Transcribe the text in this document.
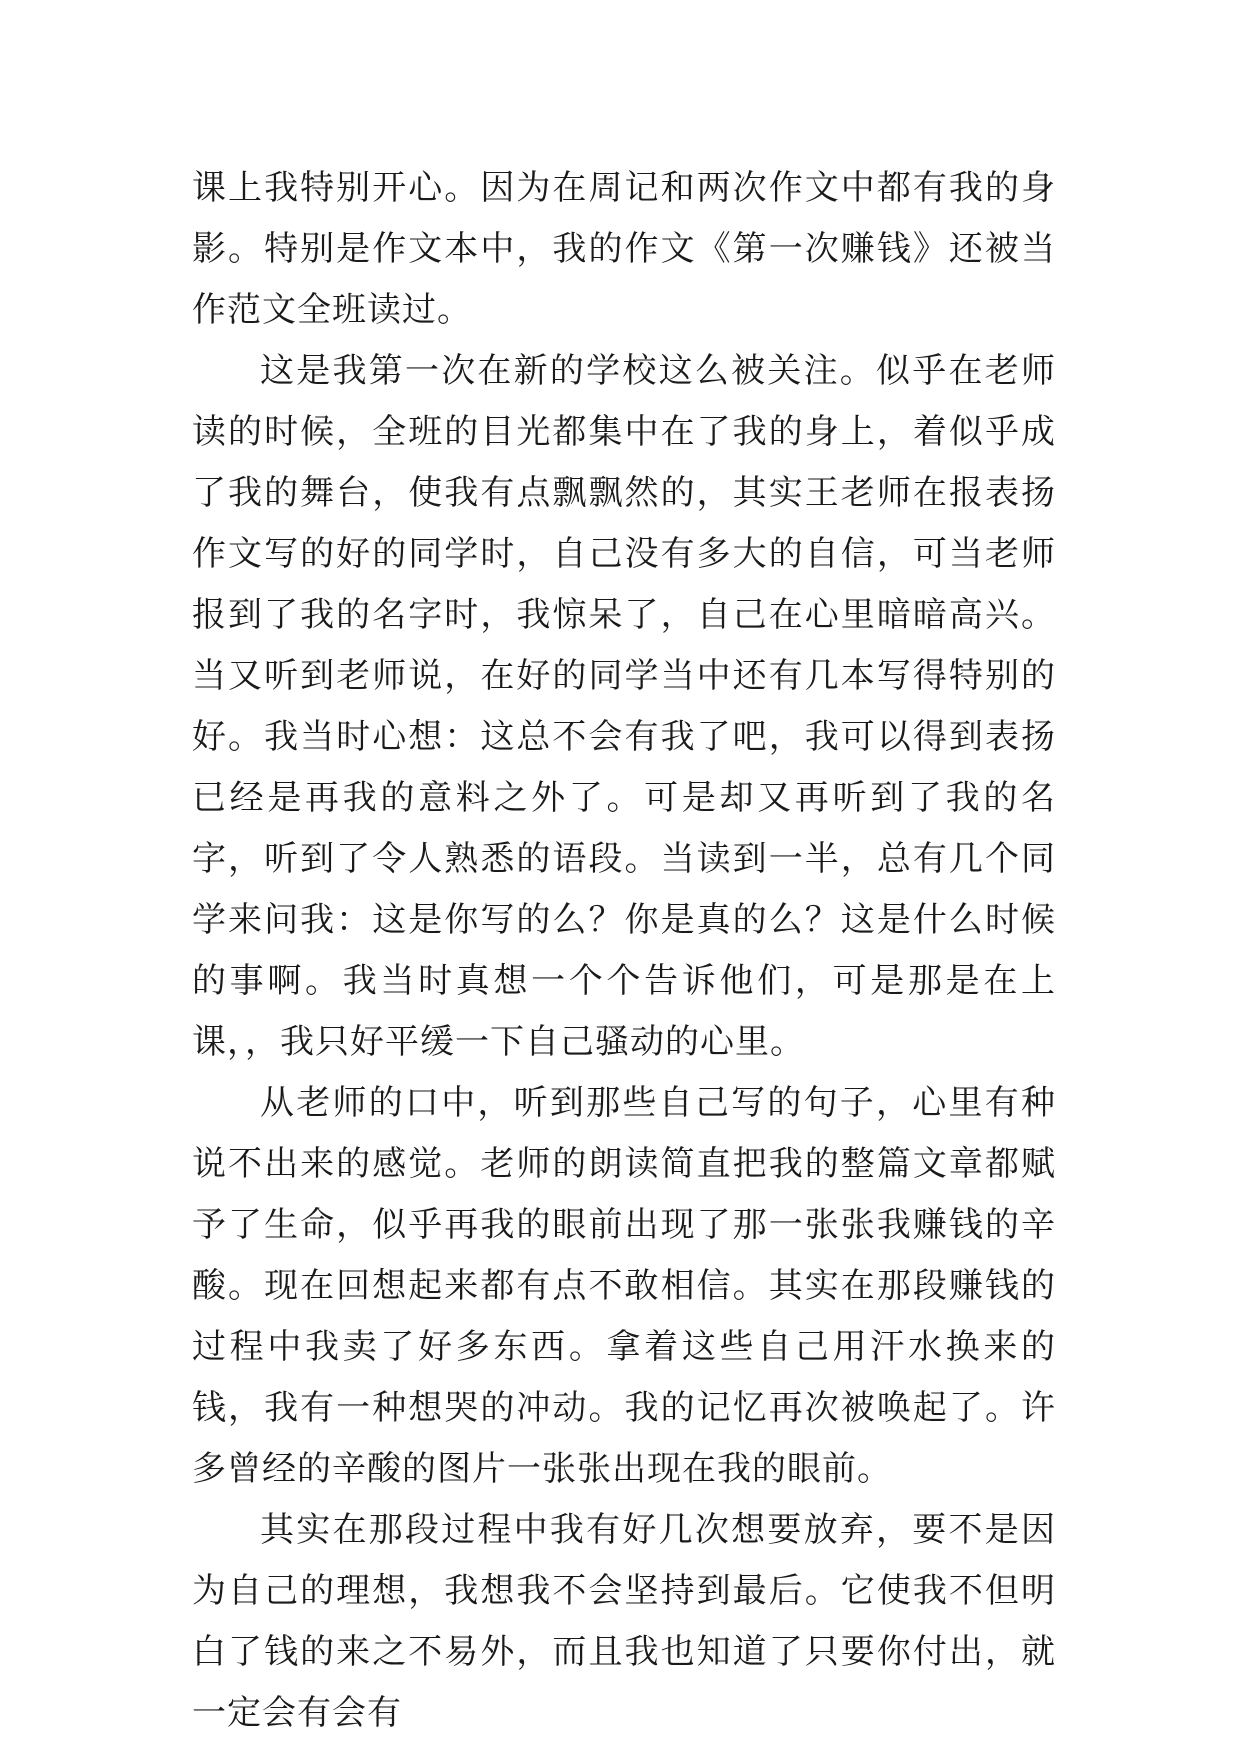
课上我特别开心。因为在周记和两次作文中都有我的身影。特别是作文本中，我的作文《第一次赚钱》还被当作范文全班读过。

这是我第一次在新的学校这么被关注。似乎在老师读的时候，全班的目光都集中在了我的身上，着似乎成了我的舞台，使我有点飘飘然的，其实王老师在报表扬作文写的好的同学时，自己没有多大的自信，可当老师报到了我的名字时，我惊呆了，自己在心里暗暗高兴。当又听到老师说，在好的同学当中还有几本写得特别的好。我当时心想：这总不会有我了吧，我可以得到表扬已经是再我的意料之外了。可是却又再听到了我的名字，听到了令人熟悉的语段。当读到一半，总有几个同学来问我：这是你写的么？你是真的么？这是什么时候的事啊。我当时真想一个个告诉他们，可是那是在上课，，我只好平缓一下自己骚动的心里。

从老师的口中，听到那些自己写的句子，心里有种说不出来的感觉。老师的朗读简直把我的整篇文章都赋予了生命，似乎再我的眼前出现了那一张张我赚钱的辛酸。现在回想起来都有点不敢相信。其实在那段赚钱的过程中我卖了好多东西。拿着这些自己用汗水换来的钱，我有一种想哭的冲动。我的记忆再次被唤起了。许多曾经的辛酸的图片一张张出现在我的眼前。

其实在那段过程中我有好几次想要放弃，要不是因为自己的理想，我想我不会坚持到最后。它使我不但明白了钱的来之不易外，而且我也知道了只要你付出，就一定会有会有
